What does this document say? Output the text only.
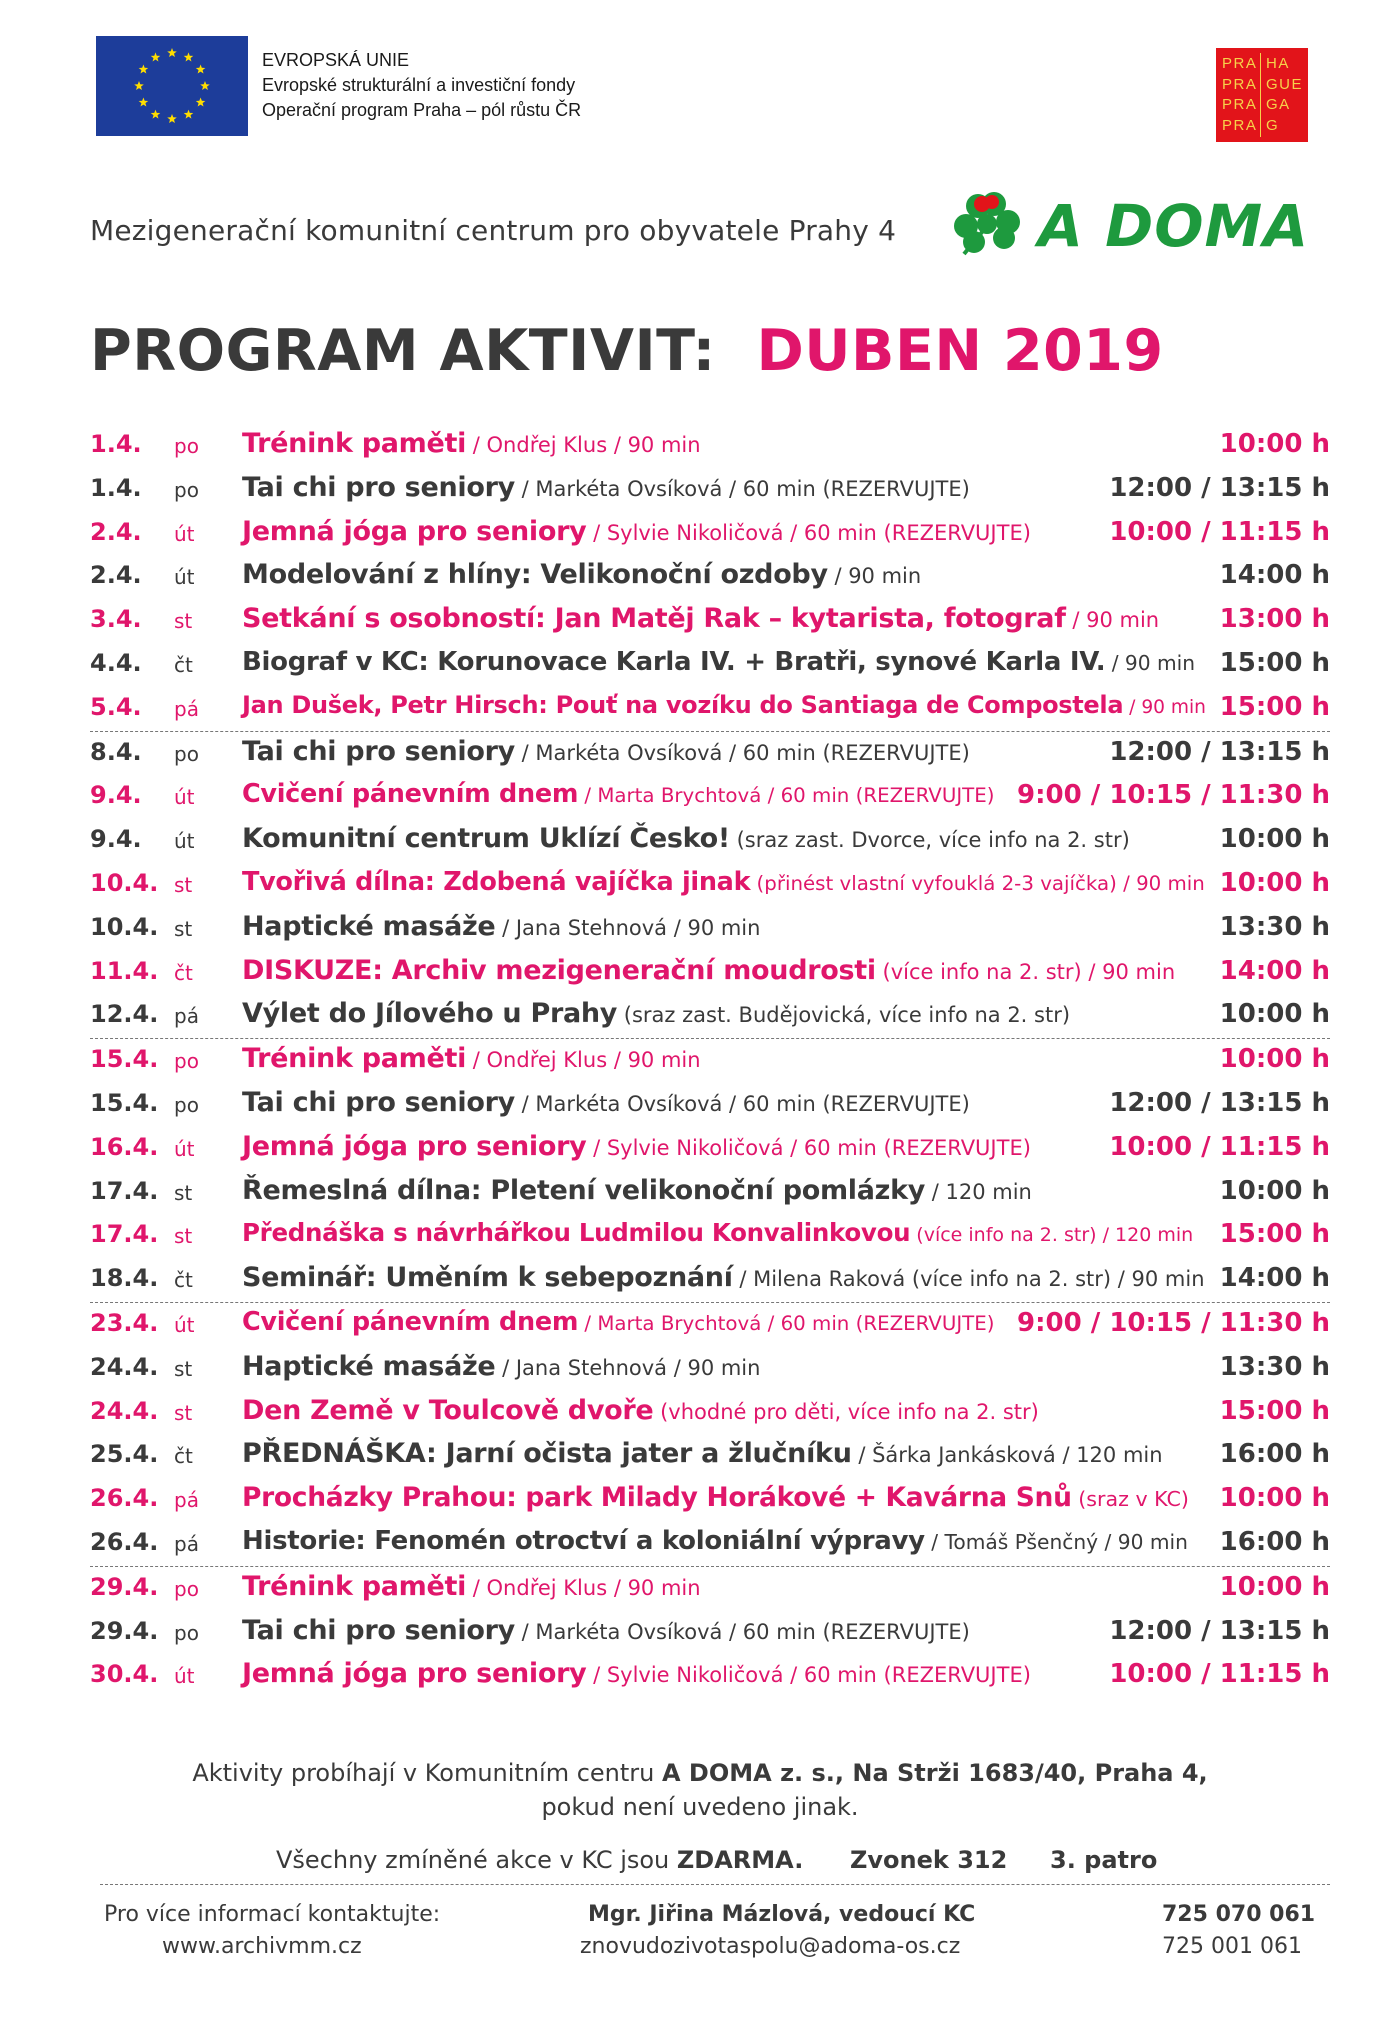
EVROPSKÁ UNIE
Evropské strukturální a investiční fondy
Operační program Praha – pól růstu ČR
PRA
PRA
PRA
PRA
HA
GUE
GA
G
Mezigenerační komunitní centrum pro obyvatele Prahy 4 A DOMA
PROGRAM AKTIVIT: DUBEN 2019
1.4. po Trénink paměti / Ondřej Klus / 90 min	10:00 h
1.4. po Tai chi pro seniory / Markéta Ovsíková / 60 min (REZERVUJTE)	12:00 / 13:15 h
2.4. út Jemná jóga pro seniory / Sylvie Nikoličová / 60 min (REZERVUJTE)	10:00 / 11:15 h
2.4. út Modelování z hlíny: Velikonoční ozdoby / 90 min	14:00 h
3.4. st Setkání s osobností: Jan Matěj Rak – kytarista, fotograf / 90 min 13:00 h
4.4. čt Biograf v KC: Korunovace Karla IV. + Bratři, synové Karla IV. / 90 min 15:00 h
5.4. pá Jan Dušek, Petr Hirsch: Pouť na vozíku do Santiaga de Compostela / 90 min 15:00 h
8.4. po Tai chi pro seniory / Markéta Ovsíková / 60 min (REZERVUJTE)	12:00 / 13:15 h
9.4. út Cvičení pánevním dnem / Marta Brychtová / 60 min (REZERVUJTE) 9:00 / 10:15 / 11:30 h
9.4. út Komunitní centrum Uklízí Česko! (sraz zast. Dvorce, více info na 2. str)	10:00 h
10.4. st Tvořivá dílna: Zdobená vajíčka jinak (přinést vlastní vyfouklá 2-3 vajíčka) / 90 min 10:00 h
10.4. st Haptické masáže / Jana Stehnová / 90 min	13:30 h
11.4. čt DISKUZE: Archiv mezigenerační moudrosti (více info na 2. str) / 90 min 14:00 h
12.4. pá Výlet do Jílového u Prahy (sraz zast. Budějovická, více info na 2. str)	10:00 h
15.4. po Trénink paměti / Ondřej Klus / 90 min	10:00 h
15.4. po Tai chi pro seniory / Markéta Ovsíková / 60 min (REZERVUJTE)	12:00 / 13:15 h
16.4. út Jemná jóga pro seniory / Sylvie Nikoličová / 60 min (REZERVUJTE)	10:00 / 11:15 h
17.4. st Řemeslná dílna: Pletení velikonoční pomlázky / 120 min	10:00 h
17.4. st Přednáška s návrhářkou Ludmilou Konvalinkovou (více info na 2. str) / 120 min 15:00 h
18.4. čt Seminář: Uměním k sebepoznání / Milena Raková (více info na 2. str) / 90 min 14:00 h
23.4. út Cvičení pánevním dnem / Marta Brychtová / 60 min (REZERVUJTE) 9:00 / 10:15 / 11:30 h
24.4. st Haptické masáže / Jana Stehnová / 90 min	13:30 h
24.4. st Den Země v Toulcově dvoře (vhodné pro děti, více info na 2. str)	15:00 h
25.4. čt PŘEDNÁŠKA: Jarní očista jater a žlučníku / Šárka Jankásková / 120 min 16:00 h
26.4. pá Procházky Prahou: park Milady Horákové + Kavárna Snů (sraz v KC) 10:00 h
26.4. pá Historie: Fenomén otroctví a koloniální výpravy / Tomáš Pšenčný / 90 min 16:00 h
29.4. po Trénink paměti / Ondřej Klus / 90 min	10:00 h
29.4. po Tai chi pro seniory / Markéta Ovsíková / 60 min (REZERVUJTE)	12:00 / 13:15 h
30.4. út Jemná jóga pro seniory / Sylvie Nikoličová / 60 min (REZERVUJTE)	10:00 / 11:15 h
Aktivity probíhají v Komunitním centru A DOMA z. s., Na Strži 1683/40, Praha 4,
pokud není uvedeno jinak.
Všechny zmíněné akce v KC jsou ZDARMA. Zvonek 312 3. patro
Pro více informací kontaktujte:
www.archivmm.cz
Mgr. Jiřina Mázlová, vedoucí KC
znovudozivotaspolu@adoma-os.cz
725 070 061
725 001 061
